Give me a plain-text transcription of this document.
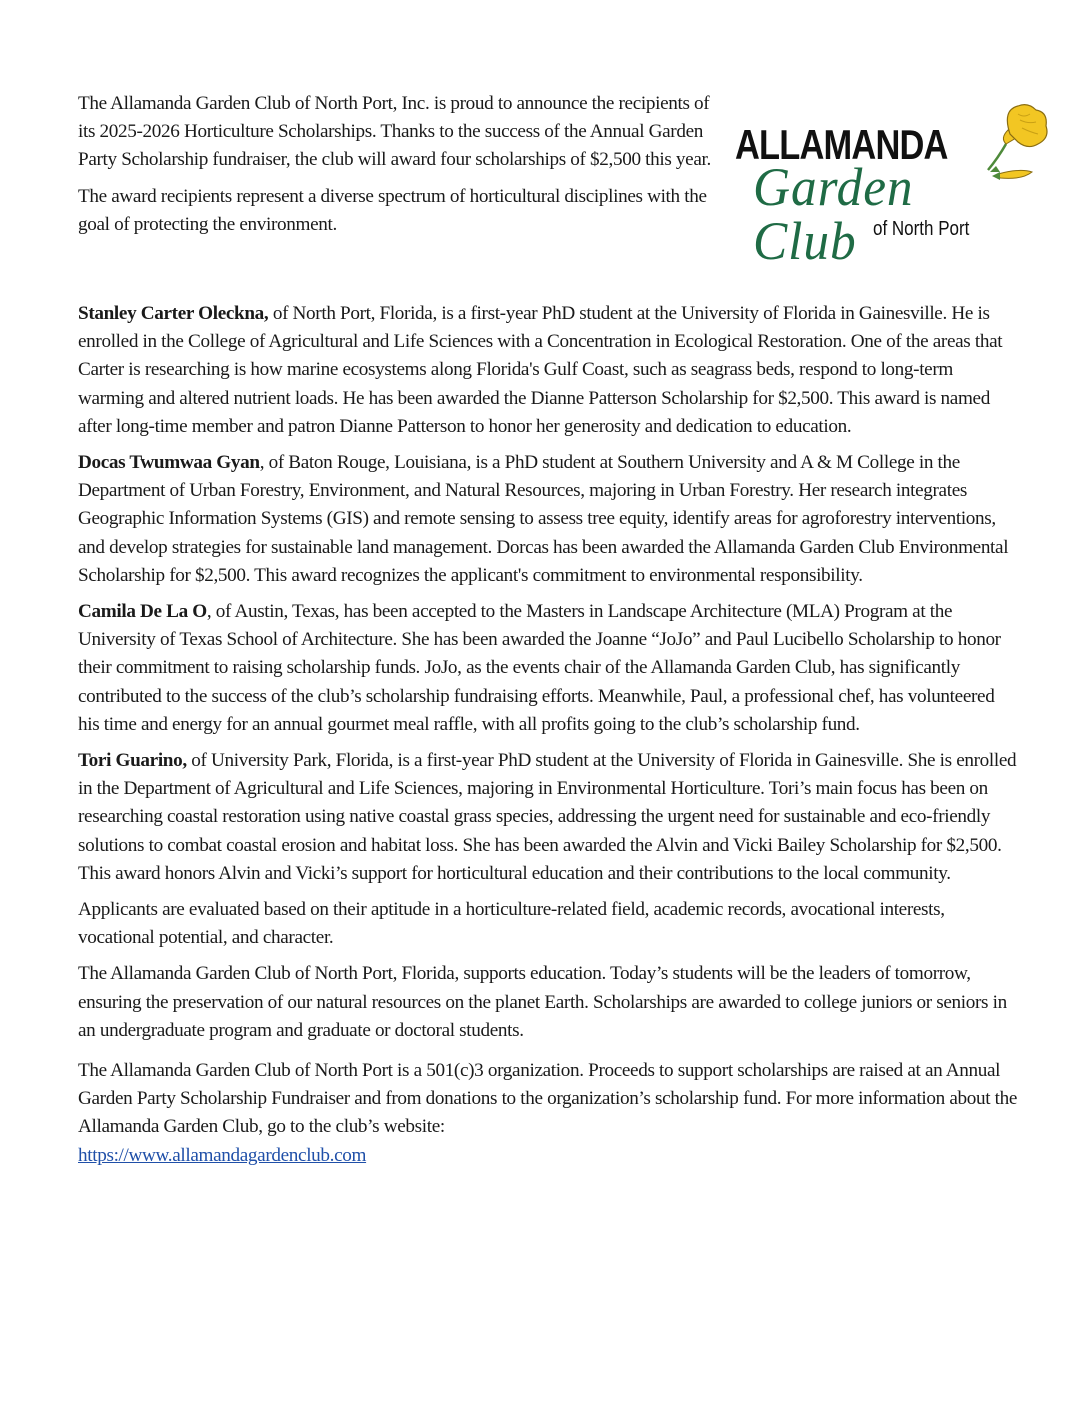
The Allamanda Garden Club of North Port, Inc. is proud to announce the recipients of its 2025-2026 Horticulture Scholarships. Thanks to the success of the Annual Garden Party Scholarship fundraiser, the club will award four scholarships of $2,500 this year.

The award recipients represent a diverse spectrum of horticultural disciplines with the goal of protecting the environment.

ALLAMANDA
Garden Club of North Port

Stanley Carter Oleckna, of North Port, Florida, is a first-year PhD student at the University of Florida in Gainesville. He is enrolled in the College of Agricultural and Life Sciences with a Concentration in Ecological Restoration. One of the areas that Carter is researching is how marine ecosystems along Florida's Gulf Coast, such as seagrass beds, respond to long-term warming and altered nutrient loads. He has been awarded the Dianne Patterson Scholarship for $2,500. This award is named after long-time member and patron Dianne Patterson to honor her generosity and dedication to education.

Docas Twumwaa Gyan, of Baton Rouge, Louisiana, is a PhD student at Southern University and A & M College in the Department of Urban Forestry, Environment, and Natural Resources, majoring in Urban Forestry. Her research integrates Geographic Information Systems (GIS) and remote sensing to assess tree equity, identify areas for agroforestry interventions, and develop strategies for sustainable land management. Dorcas has been awarded the Allamanda Garden Club Environmental Scholarship for $2,500. This award recognizes the applicant's commitment to environmental responsibility.

Camila De La O, of Austin, Texas, has been accepted to the Masters in Landscape Architecture (MLA) Program at the University of Texas School of Architecture. She has been awarded the Joanne “JoJo” and Paul Lucibello Scholarship to honor their commitment to raising scholarship funds. JoJo, as the events chair of the Allamanda Garden Club, has significantly contributed to the success of the club’s scholarship fundraising efforts. Meanwhile, Paul, a professional chef, has volunteered his time and energy for an annual gourmet meal raffle, with all profits going to the club’s scholarship fund.

Tori Guarino, of University Park, Florida, is a first-year PhD student at the University of Florida in Gainesville. She is enrolled in the Department of Agricultural and Life Sciences, majoring in Environmental Horticulture. Tori’s main focus has been on researching coastal restoration using native coastal grass species, addressing the urgent need for sustainable and eco-friendly solutions to combat coastal erosion and habitat loss. She has been awarded the Alvin and Vicki Bailey Scholarship for $2,500. This award honors Alvin and Vicki’s support for horticultural education and their contributions to the local community.

Applicants are evaluated based on their aptitude in a horticulture-related field, academic records, avocational interests, vocational potential, and character.

The Allamanda Garden Club of North Port, Florida, supports education. Today’s students will be the leaders of tomorrow, ensuring the preservation of our natural resources on the planet Earth. Scholarships are awarded to college juniors or seniors in an undergraduate program and graduate or doctoral students.

The Allamanda Garden Club of North Port is a 501(c)3 organization. Proceeds to support scholarships are raised at an Annual Garden Party Scholarship Fundraiser and from donations to the organization’s scholarship fund. For more information about the Allamanda Garden Club, go to the club’s website:
https://www.allamandagardenclub.com
